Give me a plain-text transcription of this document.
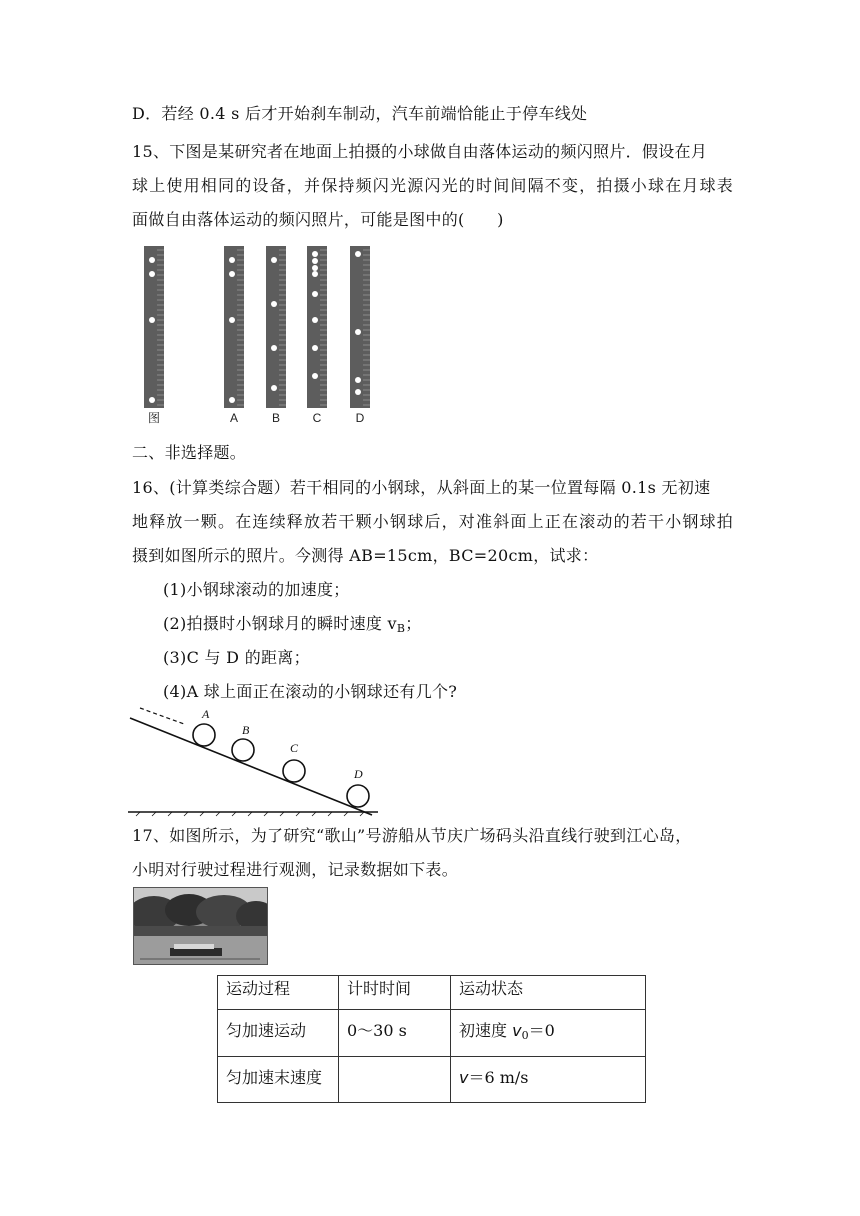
D．若经 0.4 s 后才开始刹车制动，汽车前端恰能止于停车线处
15、下图是某研究者在地面上拍摄的小球做自由落体运动的频闪照片．假设在月
球上使用相同的设备，并保持频闪光源闪光的时间间隔不变，拍摄小球在月球表
面做自由落体运动的频闪照片，可能是图中的(　　)
图	A	B	C	D
二、非选择题。
16、(计算类综合题）若干相同的小钢球，从斜面上的某一位置每隔 0.1s 无初速
地释放一颗。在连续释放若干颗小钢球后，对准斜面上正在滚动的若干小钢球拍
摄到如图所示的照片。今测得 AB=15cm，BC=20cm，试求：
(1)小钢球滚动的加速度；
(2)拍摄时小钢球月的瞬时速度 $v_B$；
(3)C 与 D 的距离；
(4)A 球上面正在滚动的小钢球还有几个?
A
B
C
D
17、如图所示，为了研究“歌山”号游船从节庆广场码头沿直线行驶到江心岛，
小明对行驶过程进行观测，记录数据如下表。
运动过程	计时时间	运动状态
匀加速运动	0～30 s	初速度 $v_0=0$
匀加速末速度		v＝6 m/s
